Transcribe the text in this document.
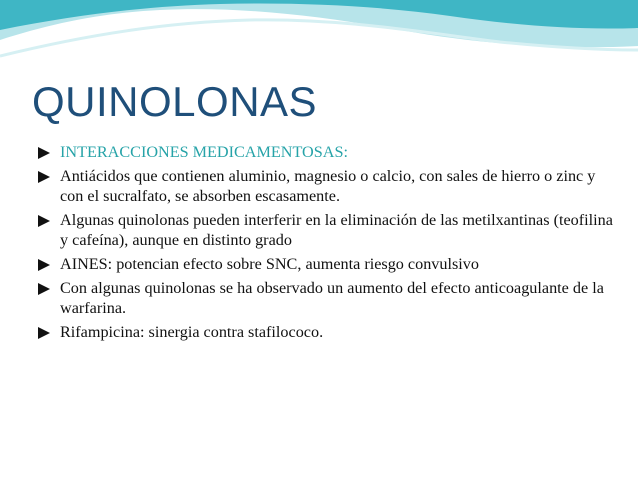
QUINOLONAS
INTERACCIONES MEDICAMENTOSAS:
Antiácidos que contienen aluminio, magnesio o calcio, con sales de hierro o zinc y con el sucralfato, se absorben escasamente.
Algunas quinolonas pueden interferir en la eliminación de las metilxantinas (teofilina y cafeína), aunque en distinto grado
AINES: potencian efecto sobre SNC, aumenta riesgo convulsivo
Con algunas quinolonas se ha observado un aumento del efecto anticoagulante de la warfarina.
Rifampicina: sinergia contra stafilococo.
